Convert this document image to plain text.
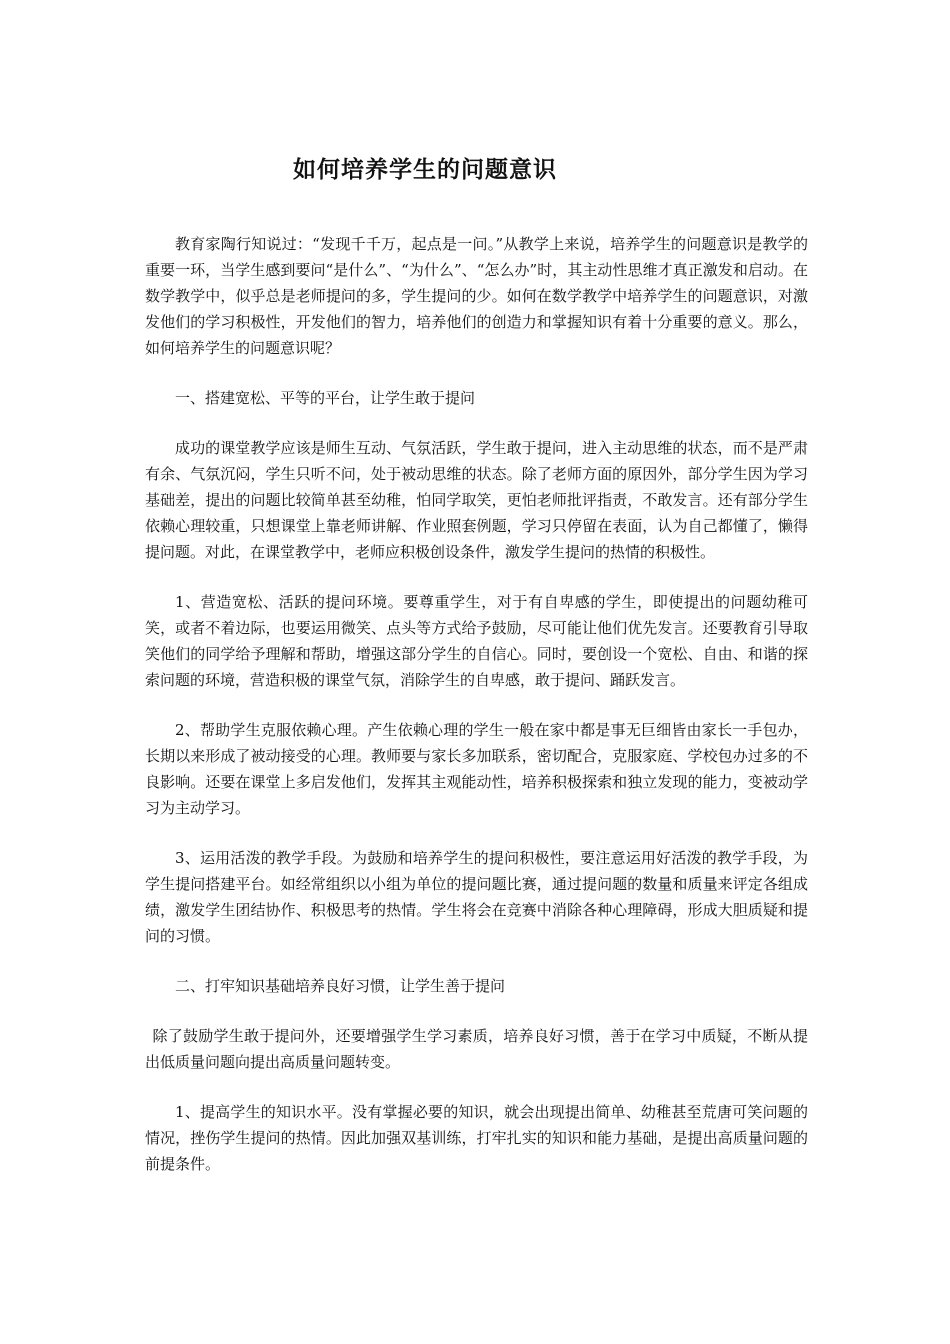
如何培养学生的问题意识

教育家陶行知说过：“发现千千万，起点是一问。”从教学上来说，培养学生的问题意识是教学的重要一环，当学生感到要问“是什么”、“为什么”、“怎么办”时，其主动性思维才真正激发和启动。在数学教学中，似乎总是老师提问的多，学生提问的少。如何在数学教学中培养学生的问题意识，对激发他们的学习积极性，开发他们的智力，培养他们的创造力和掌握知识有着十分重要的意义。那么，如何培养学生的问题意识呢？

一、搭建宽松、平等的平台，让学生敢于提问

成功的课堂教学应该是师生互动、气氛活跃，学生敢于提问，进入主动思维的状态，而不是严肃有余、气氛沉闷，学生只听不问，处于被动思维的状态。除了老师方面的原因外，部分学生因为学习基础差，提出的问题比较简单甚至幼稚，怕同学取笑，更怕老师批评指责，不敢发言。还有部分学生依赖心理较重，只想课堂上靠老师讲解、作业照套例题，学习只停留在表面，认为自己都懂了，懒得提问题。对此，在课堂教学中，老师应积极创设条件，激发学生提问的热情的积极性。

1、营造宽松、活跃的提问环境。要尊重学生，对于有自卑感的学生，即使提出的问题幼稚可笑，或者不着边际，也要运用微笑、点头等方式给予鼓励，尽可能让他们优先发言。还要教育引导取笑他们的同学给予理解和帮助，增强这部分学生的自信心。同时，要创设一个宽松、自由、和谐的探索问题的环境，营造积极的课堂气氛，消除学生的自卑感，敢于提问、踊跃发言。

2、帮助学生克服依赖心理。产生依赖心理的学生一般在家中都是事无巨细皆由家长一手包办，长期以来形成了被动接受的心理。教师要与家长多加联系，密切配合，克服家庭、学校包办过多的不良影响。还要在课堂上多启发他们，发挥其主观能动性，培养积极探索和独立发现的能力，变被动学习为主动学习。

3、运用活泼的教学手段。为鼓励和培养学生的提问积极性，要注意运用好活泼的教学手段，为学生提问搭建平台。如经常组织以小组为单位的提问题比赛，通过提问题的数量和质量来评定各组成绩，激发学生团结协作、积极思考的热情。学生将会在竞赛中消除各种心理障碍，形成大胆质疑和提问的习惯。

二、打牢知识基础培养良好习惯，让学生善于提问

除了鼓励学生敢于提问外，还要增强学生学习素质，培养良好习惯，善于在学习中质疑，不断从提出低质量问题向提出高质量问题转变。

1、提高学生的知识水平。没有掌握必要的知识，就会出现提出简单、幼稚甚至荒唐可笑问题的情况，挫伤学生提问的热情。因此加强双基训练，打牢扎实的知识和能力基础，是提出高质量问题的前提条件。
